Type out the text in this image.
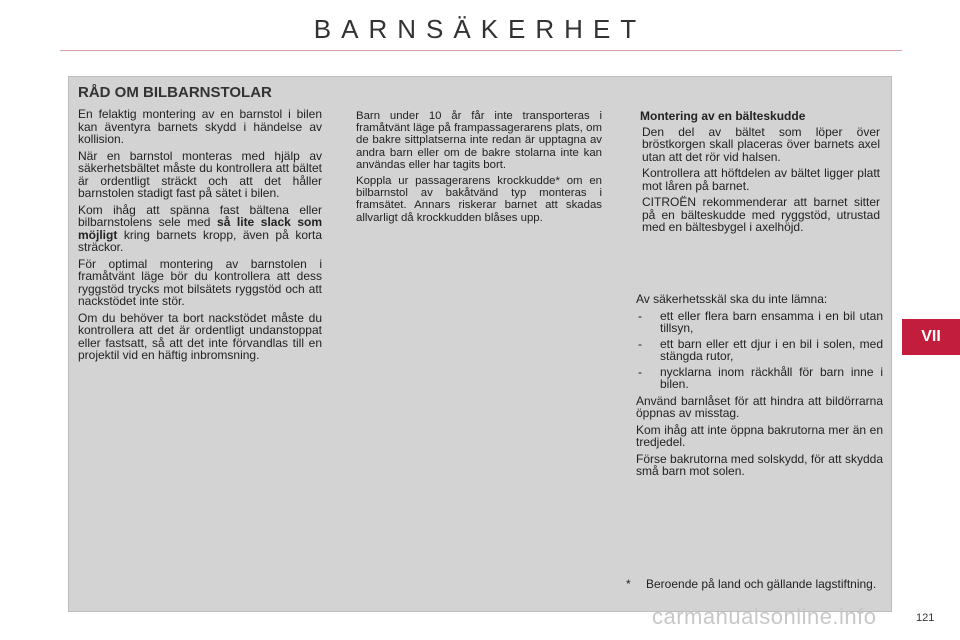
BARNSÄKERHET
RÅD OM BILBARNSTOLAR

En felaktig montering av en barnstol i bilen kan äventyra barnets skydd i händelse av kollision.

När en barnstol monteras med hjälp av säkerhetsbältet måste du kontrollera att bältet är ordentligt sträckt och att det håller barnstolen stadigt fast på sätet i bilen.

Kom ihåg att spänna fast bältena eller bilbarnstolens sele med så lite slack som möjligt kring barnets kropp, även på korta sträckor.

För optimal montering av barnstolen i framåtvänt läge bör du kontrollera att dess ryggstöd trycks mot bilsätets ryggstöd och att nackstödet inte stör.

Om du behöver ta bort nackstödet måste du kontrollera att det är ordentligt undanstoppat eller fastsatt, så att det inte förvandlas till en projektil vid en häftig inbromsning.

Barn under 10 år får inte transporteras i framåtvänt läge på frampassagerarens plats, om de bakre sittplatserna inte redan är upptagna av andra barn eller om de bakre stolarna inte kan användas eller har tagits bort.

Koppla ur passagerarens krockkudde* om en bilbarnstol av bakåtvänd typ monteras i framsätet. Annars riskerar barnet att skadas allvarligt då krockkudden blåses upp.

Montering av en bälteskudde

Den del av bältet som löper över bröstkorgen skall placeras över barnets axel utan att det rör vid halsen.

Kontrollera att höftdelen av bältet ligger platt mot låren på barnet.

CITROËN rekommenderar att barnet sitter på en bälteskudde med ryggstöd, utrustad med en bältesbygel i axelhöjd.

Av säkerhetsskäl ska du inte lämna:

- ett eller flera barn ensamma i en bil utan tillsyn,
- ett barn eller ett djur i en bil i solen, med stängda rutor,
- nycklarna inom räckhåll för barn inne i bilen.

Använd barnlåset för att hindra att bildörrarna öppnas av misstag.

Kom ihåg att inte öppna bakrutorna mer än en tredjedel.

Förse bakrutorna med solskydd, för att skydda små barn mot solen.

*	Beroende på land och gällande lagstiftning.
VII
carmanualsonline.info	121
